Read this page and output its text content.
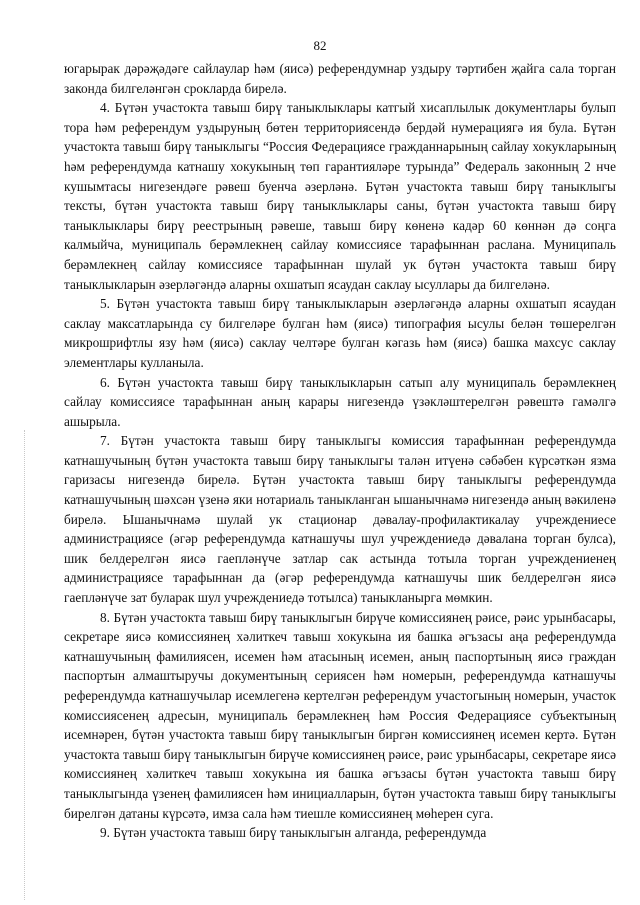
82

югарырак дәрәҗәдәге сайлаулар һәм (яисә) референдумнар уздыру тәртибен җайга сала торган законда билгеләнгән срокларда бирелә.

4. Бүтән участокта тавыш бирү таныклыклары катгый хисаплылык документлары булып тора һәм референдум уздыруның бөтен территориясендә бердәй нумерациягә ия була. Бүтән участокта тавыш бирү таныклыгы “Россия Федерациясе гражданнарының сайлау хокукларының һәм референдумда катнашу хокукының төп гарантияләре турында” Федераль законның 2 нче кушымтасы нигезендәге рәвеш буенча әзерләнә. Бүтән участокта тавыш бирү таныклыгы тексты, бүтән участокта тавыш бирү таныклыклары саны, бүтән участокта тавыш бирү таныклыклары бирү реестрының рәвеше, тавыш бирү көненә кадәр 60 көннән дә соңга калмыйча, муниципаль берәмлекнең сайлау комиссиясе тарафыннан раслана. Муниципаль берәмлекнең сайлау комиссиясе тарафыннан шулай ук бүтән участокта тавыш бирү таныклыкларын әзерләгәндә аларны охшатып ясаудан саклау ысуллары да билгеләнә.

5. Бүтән участокта тавыш бирү таныклыкларын әзерләгәндә аларны охшатып ясаудан саклау максатларында су билгеләре булган һәм (яисә) типография ысулы белән төшерелгән микрошрифтлы язу һәм (яисә) саклау челтәре булган кәгазь һәм (яисә) башка махсус саклау элементлары кулланыла.

6. Бүтән участокта тавыш бирү таныклыкларын сатып алу муниципаль берәмлекнең сайлау комиссиясе тарафыннан аның карары нигезендә үзәкләштерелгән рәвештә гамәлгә ашырыла.

7. Бүтән участокта тавыш бирү таныклыгы комиссия тарафыннан референдумда катнашучының бүтән участокта тавыш бирү таныклыгы талән итүенә сәбәбен күрсәткән язма гаризасы нигезендә бирелә. Бүтән участокта тавыш бирү таныклыгы референдумда катнашучының шәхсән үзенә яки нотариаль таныкланган ышанычнамә нигезендә аның вәкиленә бирелә. Ышанычнамә шулай ук стационар дәвалау-профилактикалау учреждениесе администрациясе (әгәр референдумда катнашучы шул учреждениедә дәвалана торган булса), шик белдерелгән яисә гаепләнүче затлар сак астында тотыла торган учреждениенең администрациясе тарафыннан да (әгәр референдумда катнашучы шик белдерелгән яисә гаепләнүче зат буларак шул учреждениедә тотылса) таныкланырга мөмкин.

8. Бүтән участокта тавыш бирү таныклыгын бирүче комиссиянең рәисе, рәис урынбасары, секретаре яисә комиссиянең хәлиткеч тавыш хокукына ия башка әгъзасы аңа референдумда катнашучының фамилиясен, исемен һәм атасының исемен, аның паспортының яисә граждан паспортын алмаштыручы документының сериясен һәм номерын, референдумда катнашучы референдумда катнашучылар исемлегенә кертелгән референдум участогының номерын, участок комиссиясенең адресын, муниципаль берәмлекнең һәм Россия Федерациясе субъектының исемнәрен, бүтән участокта тавыш бирү таныклыгын биргән комиссиянең исемен кертә. Бүтән участокта тавыш бирү таныклыгын бирүче комиссиянең рәисе, рәис урынбасары, секретаре яисә комиссиянең хәлиткеч тавыш хокукына ия башка әгъзасы бүтән участокта тавыш бирү таныклыгында үзенең фамилиясен һәм инициалларын, бүтән участокта тавыш бирү таныклыгы бирелгән датаны күрсәтә, имза сала һәм тиешле комиссиянең мөһерен суга.

9. Бүтән участокта тавыш бирү таныклыгын алганда, референдумда
